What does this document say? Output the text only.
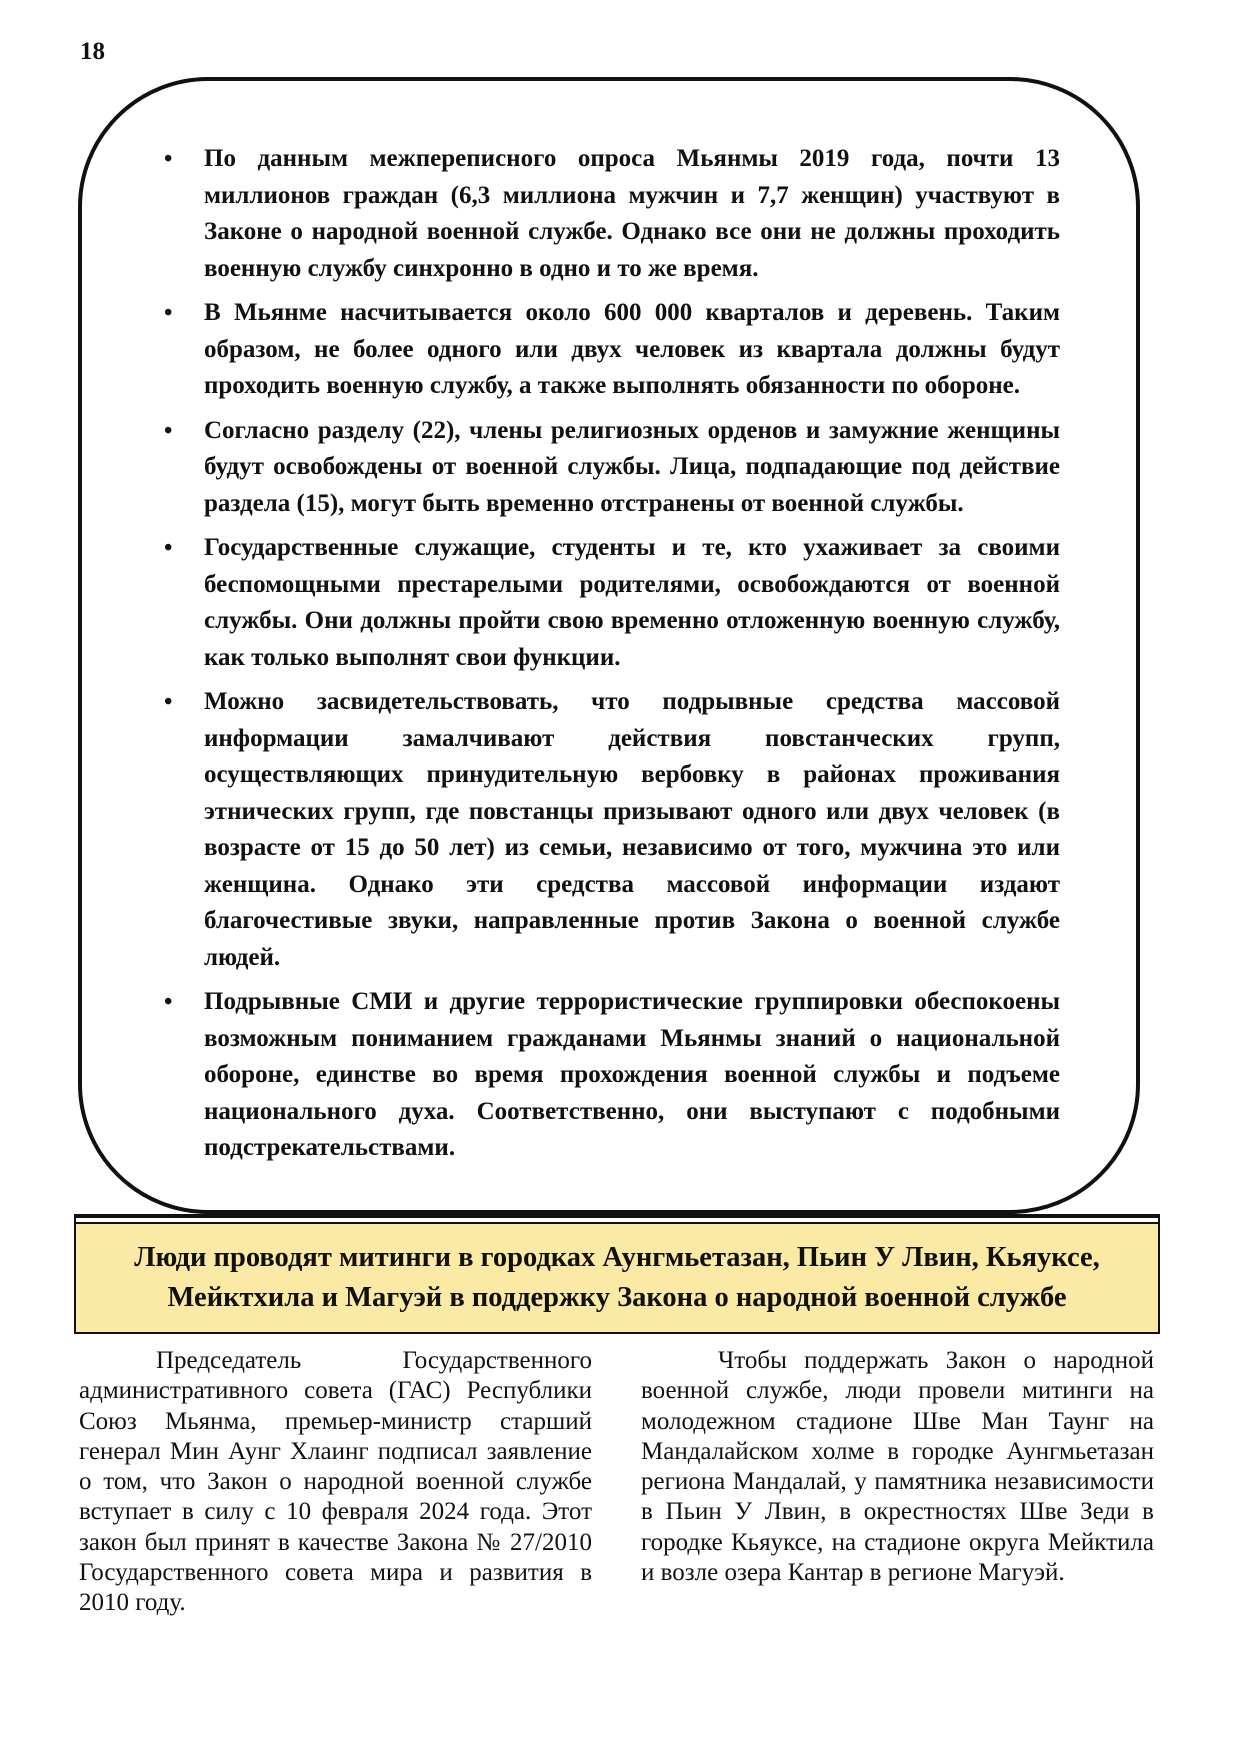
18
• По данным межпереписного опроса Мьянмы 2019 года, почти 13 миллионов граждан (6,3 миллиона мужчин и 7,7 женщин) участвуют в Законе о народной военной службе. Однако все они не должны проходить военную службу синхронно в одно и то же время.
• В Мьянме насчитывается около 600 000 кварталов и деревень. Таким образом, не более одного или двух человек из квартала должны будут проходить военную службу, а также выполнять обязанности по обороне.
• Согласно разделу (22), члены религиозных орденов и замужние женщины будут освобождены от военной службы. Лица, подпадающие под действие раздела (15), могут быть временно отстранены от военной службы.
• Государственные служащие, студенты и те, кто ухаживает за своими беспомощными престарелыми родителями, освобождаются от военной службы. Они должны пройти свою временно отложенную военную службу, как только выполнят свои функции.
• Можно засвидетельствовать, что подрывные средства массовой информации замалчивают действия повстанческих групп, осуществляющих принудительную вербовку в районах проживания этнических групп, где повстанцы призывают одного или двух человек (в возрасте от 15 до 50 лет) из семьи, независимо от того, мужчина это или женщина. Однако эти средства массовой информации издают благочестивые звуки, направленные против Закона о военной службе людей.
• Подрывные СМИ и другие террористические группировки обеспокоены возможным пониманием гражданами Мьянмы знаний о национальной обороне, единстве во время прохождения военной службы и подъеме национального духа. Соответственно, они выступают с подобными подстрекательствами.
Люди проводят митинги в городках Аунгмьетазан, Пьин У Лвин, Кьяуксе, Мейктхила и Магуэй в поддержку Закона о народной военной службе

Председатель Государственного административного совета (ГАС) Республики Союз Мьянма, премьер-министр старший генерал Мин Аунг Хлаинг подписал заявление о том, что Закон о народной военной службе вступает в силу с 10 февраля 2024 года. Этот закон был принят в качестве Закона № 27/2010 Государственного совета мира и развития в 2010 году.

Чтобы поддержать Закон о народной военной службе, люди провели митинги на молодежном стадионе Шве Ман Таунг на Мандалайском холме в городке Аунгмьетазан региона Мандалай, у памятника независимости в Пьин У Лвин, в окрестностях Шве Зеди в городке Кьяуксе, на стадионе округа Мейктила и возле озера Кантар в регионе Магуэй.
